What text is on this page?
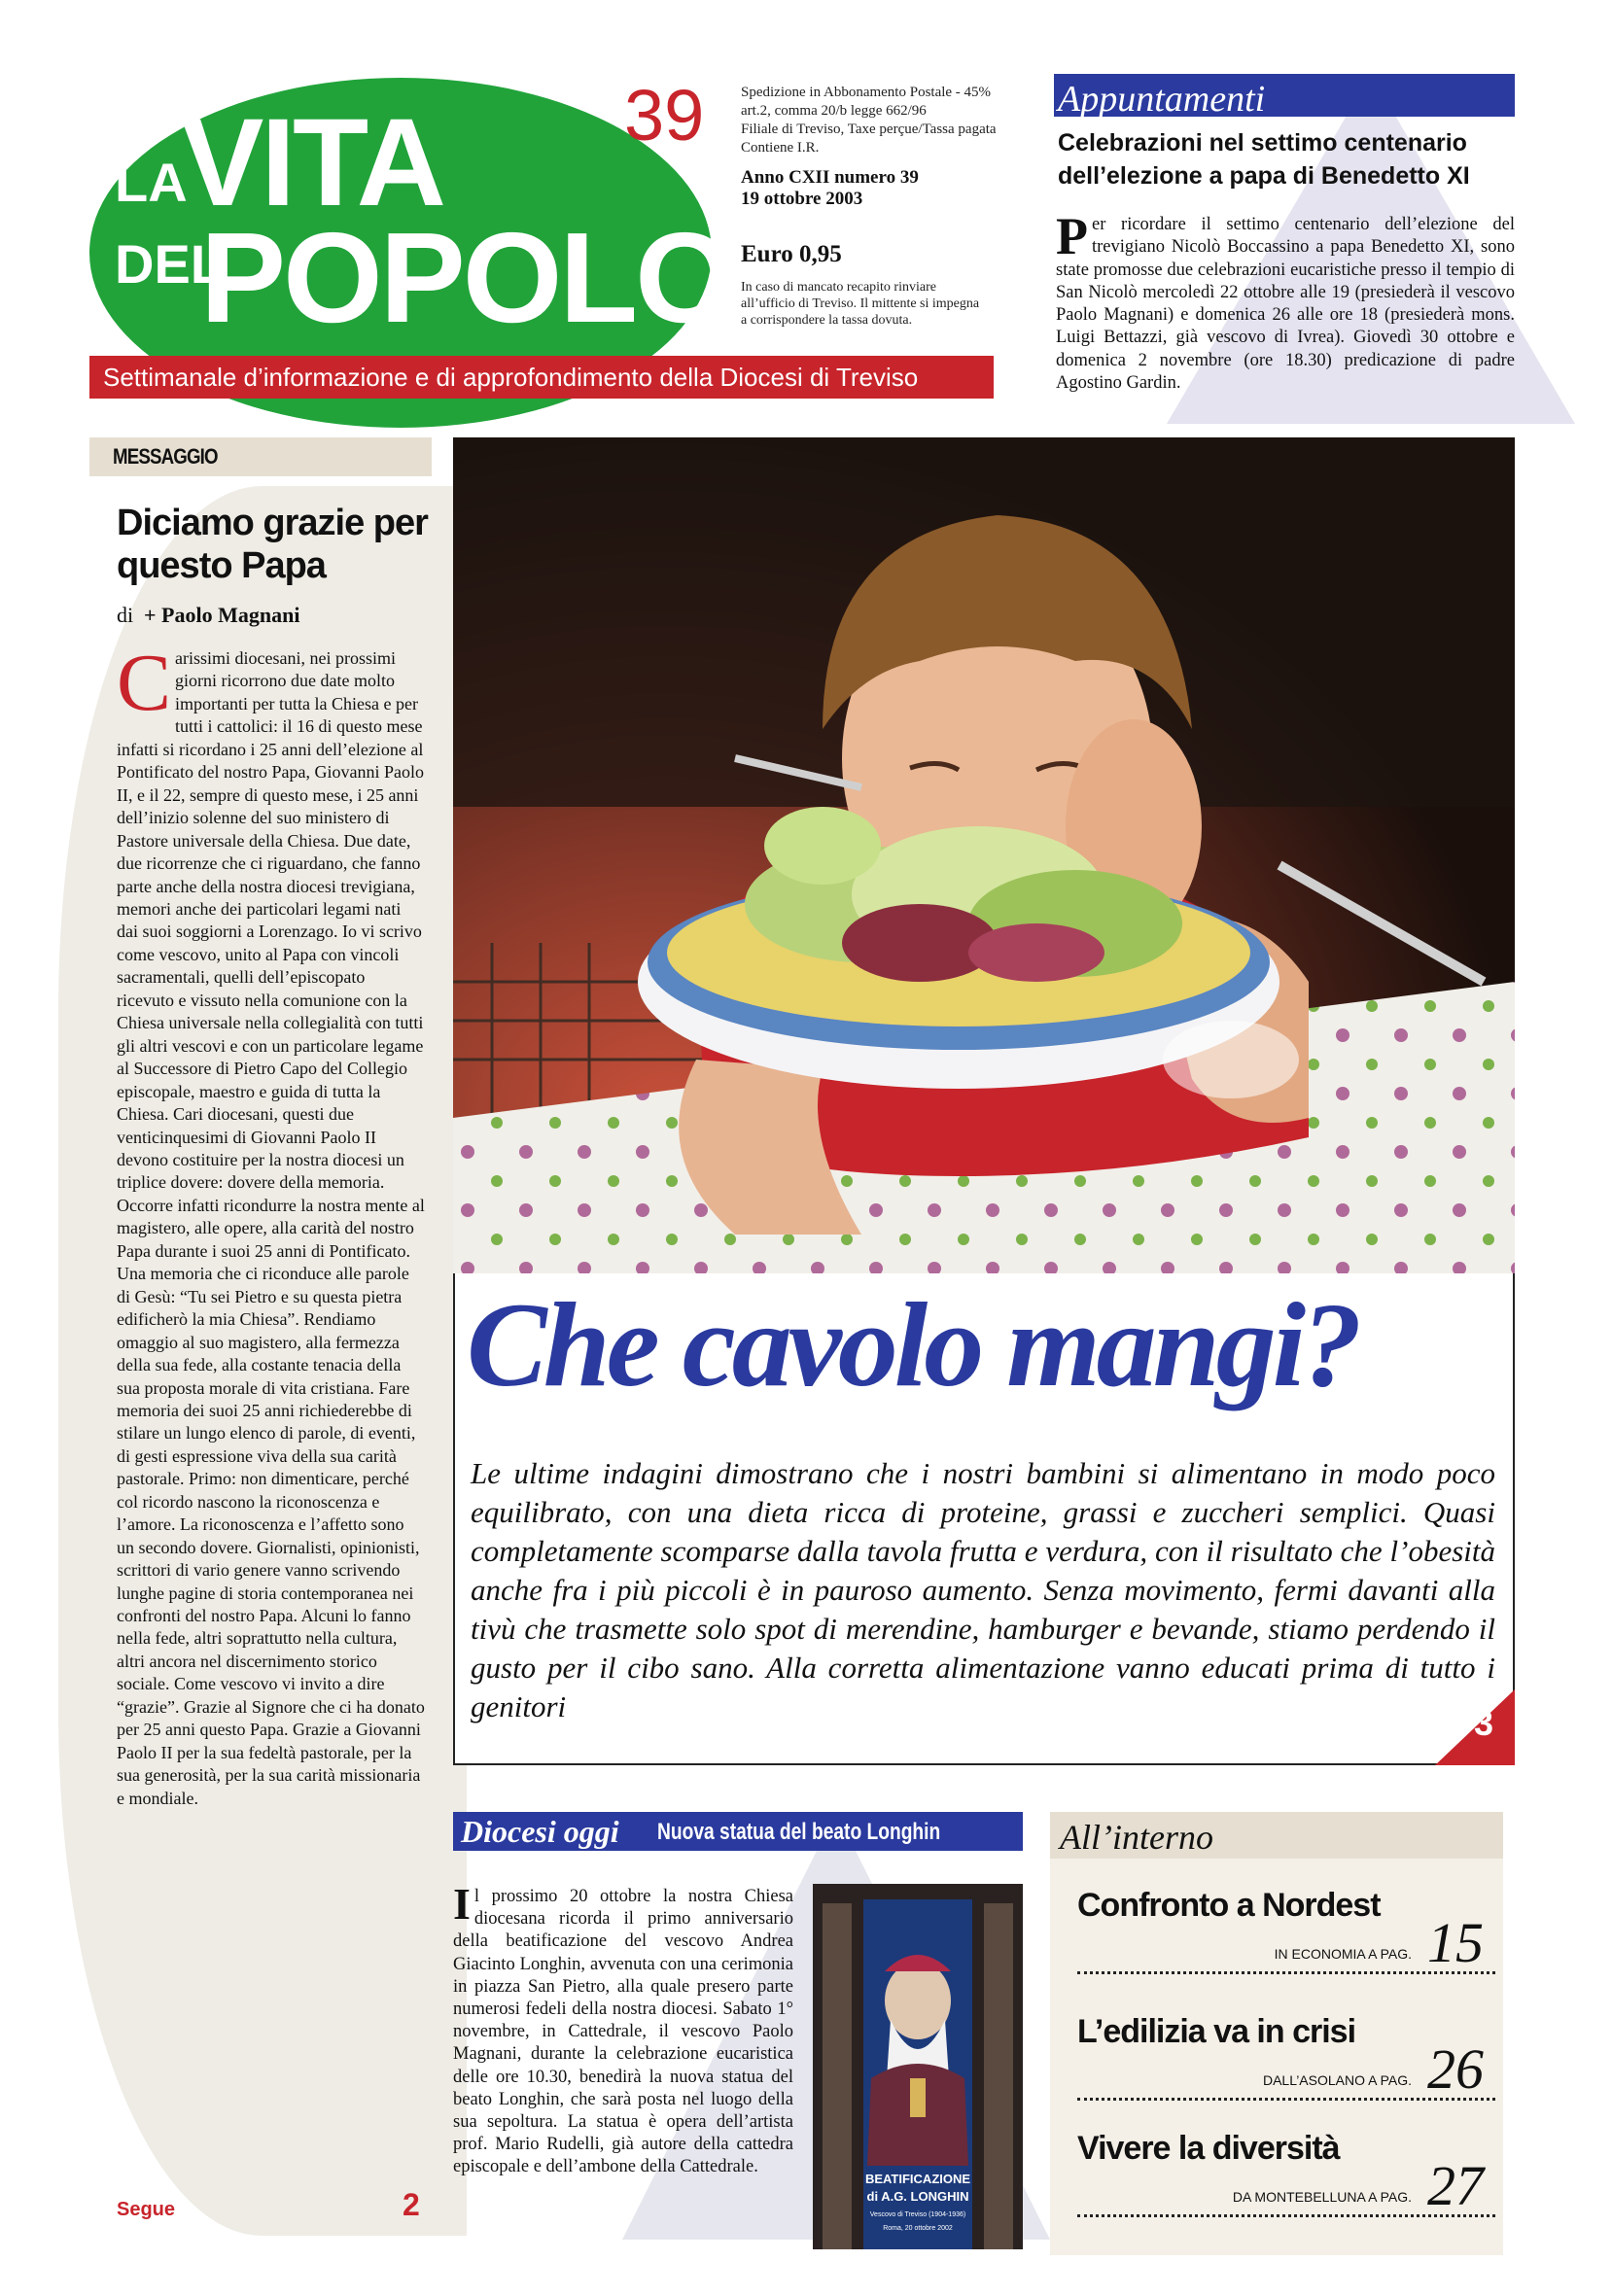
LA
VITA
DEL
POPOLO
Settimanale d’informazione e di approfondimento della Diocesi di Treviso
39	Spedizione in Abbonamento Postale - 45%
art.2, comma 20/b legge 662/96
Filiale di Treviso, Taxe perçue/Tassa pagata
Contiene I.R.
Anno CXII numero 39
19 ottobre 2003
Euro 0,95
In caso di mancato recapito rinviare
all’ufficio di Treviso. Il mittente si impegna
a corrispondere la tassa dovuta.
Appuntamenti
Celebrazioni nel settimo centenario dell’elezione a papa di Benedetto XI
Per ricordare il settimo centenario dell’elezione del trevigiano Nicolò Boccassino a papa Benedetto XI, sono state promosse due celebrazioni eucaristiche presso il tempio di San Nicolò mercoledì 22 ottobre alle 19 (presiederà il vescovo Paolo Magnani) e domenica 26 alle ore 18 (presiederà mons. Luigi Bettazzi, già vescovo di Ivrea). Giovedì 30 ottobre e domenica 2 novembre (ore 18.30) predicazione di padre Agostino Gardin.
MESSAGGIO
Diciamo grazie per questo Papa
di + Paolo Magnani
Carissimi diocesani, nei prossimi giorni ricorrono due date molto importanti per tutta la Chiesa e per tutti i cattolici: il 16 di questo mese infatti si ricordano i 25 anni dell’elezione al Pontificato del nostro Papa, Giovanni Paolo II, e il 22, sempre di questo mese, i 25 anni dell’inizio solenne del suo ministero di Pastore universale della Chiesa. Due date, due ricorrenze che ci riguardano, che fanno parte anche della nostra diocesi trevigiana, memori anche dei particolari legami nati dai suoi soggiorni a Lorenzago. Io vi scrivo come vescovo, unito al Papa con vincoli sacramentali, quelli dell’episcopato ricevuto e vissuto nella comunione con la Chiesa universale nella collegialità con tutti gli altri vescovi e con un particolare legame al Successore di Pietro Capo del Collegio episcopale, maestro e guida di tutta la Chiesa. Cari diocesani, questi due venticinquesimi di Giovanni Paolo II devono costituire per la nostra diocesi un triplice dovere: dovere della memoria. Occorre infatti ricondurre la nostra mente al magistero, alle opere, alla carità del nostro Papa durante i suoi 25 anni di Pontificato. Una memoria che ci riconduce alle parole di Gesù: “Tu sei Pietro e su questa pietra edificherò la mia Chiesa”. Rendiamo omaggio al suo magistero, alla fermezza della sua fede, alla costante tenacia della sua proposta morale di vita cristiana. Fare memoria dei suoi 25 anni richiederebbe di stilare un lungo elenco di parole, di eventi, di gesti espressione viva della sua carità pastorale. Primo: non dimenticare, perché col ricordo nascono la riconoscenza e l’amore. La riconoscenza e l’affetto sono un secondo dovere. Giornalisti, opinionisti, scrittori di vario genere vanno scrivendo lunghe pagine di storia contemporanea nei confronti del nostro Papa. Alcuni lo fanno nella fede, altri soprattutto nella cultura, altri ancora nel discernimento storico sociale. Come vescovo vi invito a dire “grazie”. Grazie al Signore che ci ha donato per 25 anni questo Papa. Grazie a Giovanni Paolo II per la sua fedeltà pastorale, per la sua generosità, per la sua carità missionaria e mondiale.
Segue	2
Che cavolo mangi?
Le ultime indagini dimostrano che i nostri bambini si alimentano in modo poco equilibrato, con una dieta ricca di proteine, grassi e zuccheri semplici. Quasi completamente scomparse dalla tavola frutta e verdura, con il risultato che l’obesità anche fra i più piccoli è in pauroso aumento. Senza movimento, fermi davanti alla tivù che trasmette solo spot di merendine, hamburger e bevande, stiamo perdendo il gusto per il cibo sano. Alla corretta alimentazione vanno educati prima di tutto i genitori	3
Diocesi oggi Nuova statua del beato Longhin
Il prossimo 20 ottobre la nostra Chiesa diocesana ricorda il primo anniversario della beatificazione del vescovo Andrea Giacinto Longhin, avvenuta con una cerimonia in piazza San Pietro, alla quale presero parte numerosi fedeli della nostra diocesi. Sabato 1° novembre, in Cattedrale, il vescovo Paolo Magnani, durante la celebrazione eucaristica delle ore 10.30, benedirà la nuova statua del beato Longhin, che sarà posta nel luogo della sua sepoltura. La statua è opera dell’artista prof. Mario Rudelli, già autore della cattedra episcopale e dell’ambone della Cattedrale.
BEATIFICAZIONE
di A.G. LONGHIN
Vescovo di Treviso (1904-1936)
Roma, 20 ottobre 2002
All’interno
Confronto a Nordest
IN ECONOMIA A PAG. 15
L’edilizia va in crisi
DALL’ASOLANO A PAG. 26
Vivere la diversità
DA MONTEBELLUNA A PAG. 27
